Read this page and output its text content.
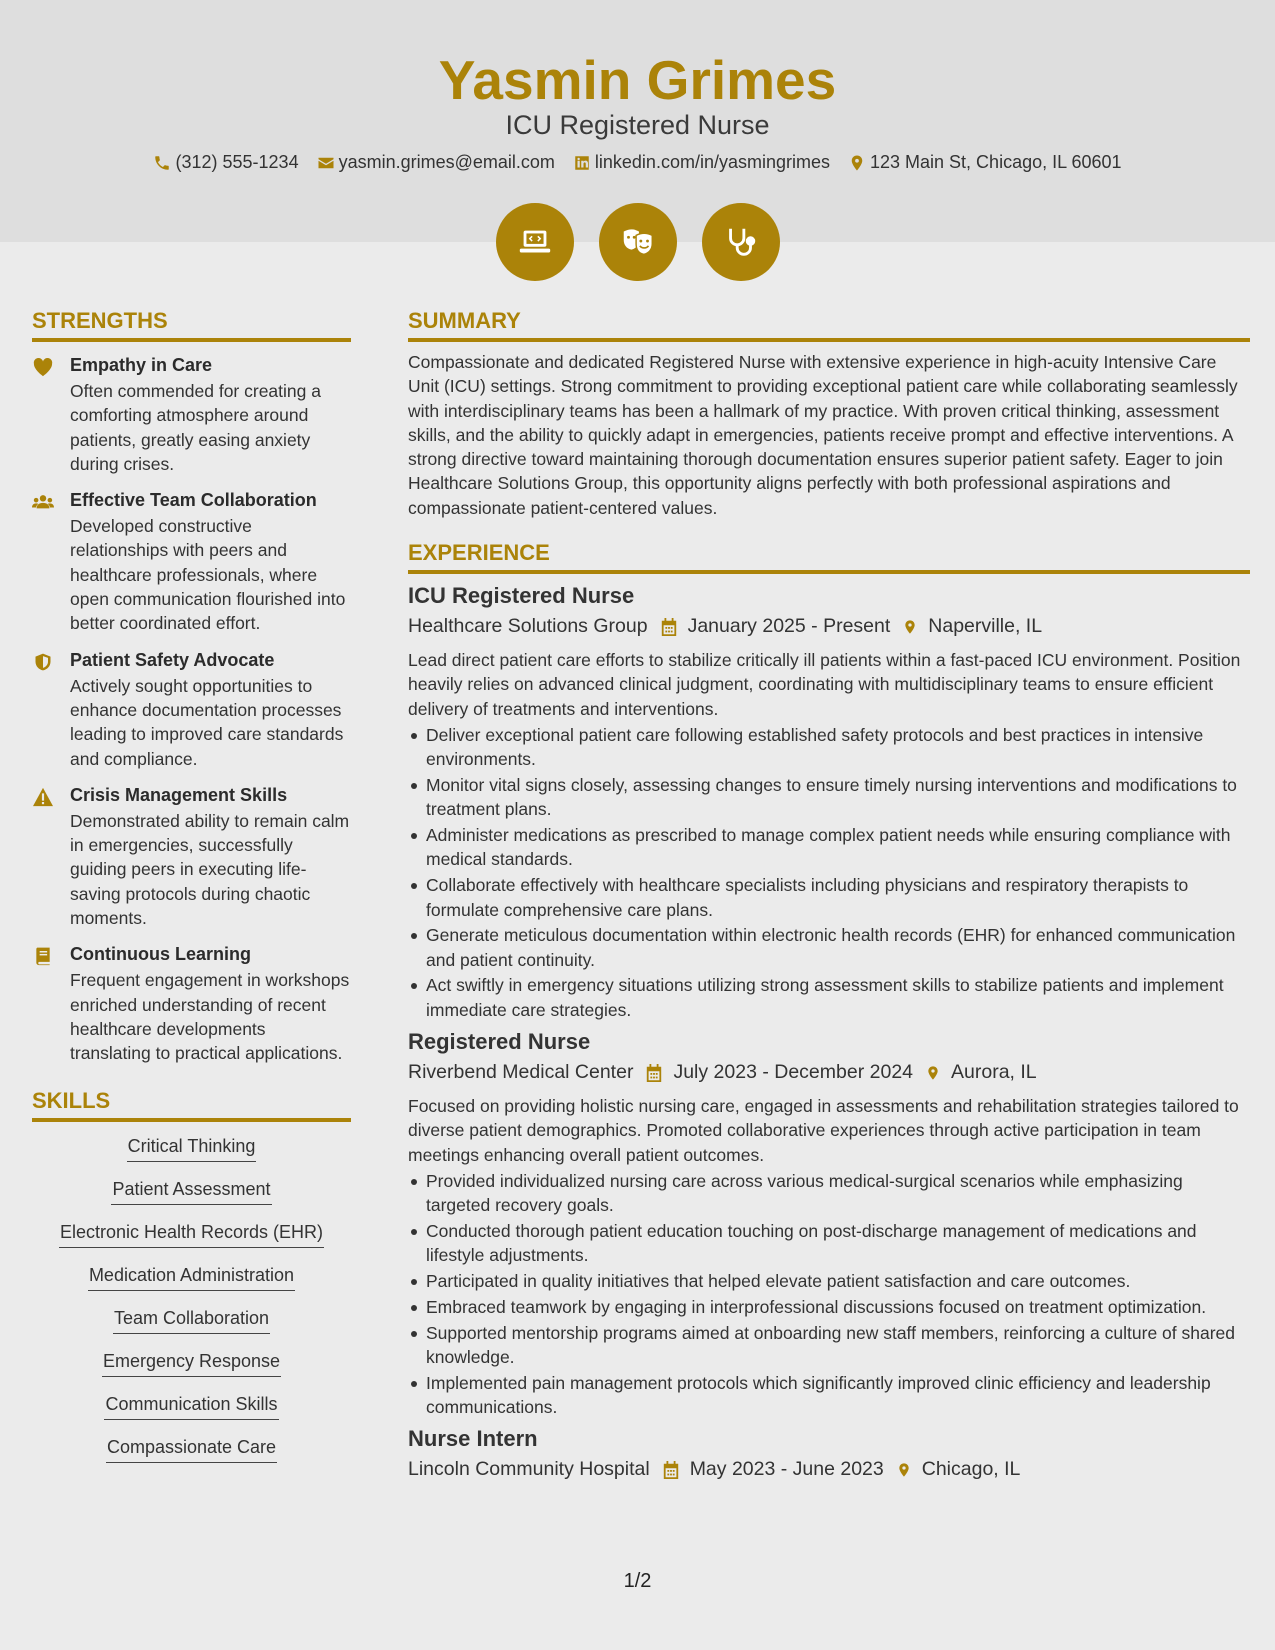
Yasmin Grimes
ICU Registered Nurse
(312) 555-1234 yasmin.grimes@email.com linkedin.com/in/yasmingrimes 123 Main St, Chicago, IL 60601
STRENGTHS
Empathy in Care
Often commended for creating a comforting atmosphere around patients, greatly easing anxiety during crises.
Effective Team Collaboration
Developed constructive relationships with peers and healthcare professionals, where open communication flourished into better coordinated effort.
Patient Safety Advocate
Actively sought opportunities to enhance documentation processes leading to improved care standards and compliance.
Crisis Management Skills
Demonstrated ability to remain calm in emergencies, successfully guiding peers in executing life-saving protocols during chaotic moments.
Continuous Learning
Frequent engagement in workshops enriched understanding of recent healthcare developments translating to practical applications.
SKILLS
Critical Thinking
Patient Assessment
Electronic Health Records (EHR)
Medication Administration
Team Collaboration
Emergency Response
Communication Skills
Compassionate Care
SUMMARY
Compassionate and dedicated Registered Nurse with extensive experience in high-acuity Intensive Care Unit (ICU) settings. Strong commitment to providing exceptional patient care while collaborating seamlessly with interdisciplinary teams has been a hallmark of my practice. With proven critical thinking, assessment skills, and the ability to quickly adapt in emergencies, patients receive prompt and effective interventions. A strong directive toward maintaining thorough documentation ensures superior patient safety. Eager to join Healthcare Solutions Group, this opportunity aligns perfectly with both professional aspirations and compassionate patient-centered values.
EXPERIENCE
ICU Registered Nurse
Healthcare Solutions Group January 2025 - Present Naperville, IL
Lead direct patient care efforts to stabilize critically ill patients within a fast-paced ICU environment. Position heavily relies on advanced clinical judgment, coordinating with multidisciplinary teams to ensure efficient delivery of treatments and interventions.
Deliver exceptional patient care following established safety protocols and best practices in intensive environments.
Monitor vital signs closely, assessing changes to ensure timely nursing interventions and modifications to treatment plans.
Administer medications as prescribed to manage complex patient needs while ensuring compliance with medical standards.
Collaborate effectively with healthcare specialists including physicians and respiratory therapists to formulate comprehensive care plans.
Generate meticulous documentation within electronic health records (EHR) for enhanced communication and patient continuity.
Act swiftly in emergency situations utilizing strong assessment skills to stabilize patients and implement immediate care strategies.
Registered Nurse
Riverbend Medical Center July 2023 - December 2024 Aurora, IL
Focused on providing holistic nursing care, engaged in assessments and rehabilitation strategies tailored to diverse patient demographics. Promoted collaborative experiences through active participation in team meetings enhancing overall patient outcomes.
Provided individualized nursing care across various medical-surgical scenarios while emphasizing targeted recovery goals.
Conducted thorough patient education touching on post-discharge management of medications and lifestyle adjustments.
Participated in quality initiatives that helped elevate patient satisfaction and care outcomes.
Embraced teamwork by engaging in interprofessional discussions focused on treatment optimization.
Supported mentorship programs aimed at onboarding new staff members, reinforcing a culture of shared knowledge.
Implemented pain management protocols which significantly improved clinic efficiency and leadership communications.
Nurse Intern
Lincoln Community Hospital May 2023 - June 2023 Chicago, IL
1/2
